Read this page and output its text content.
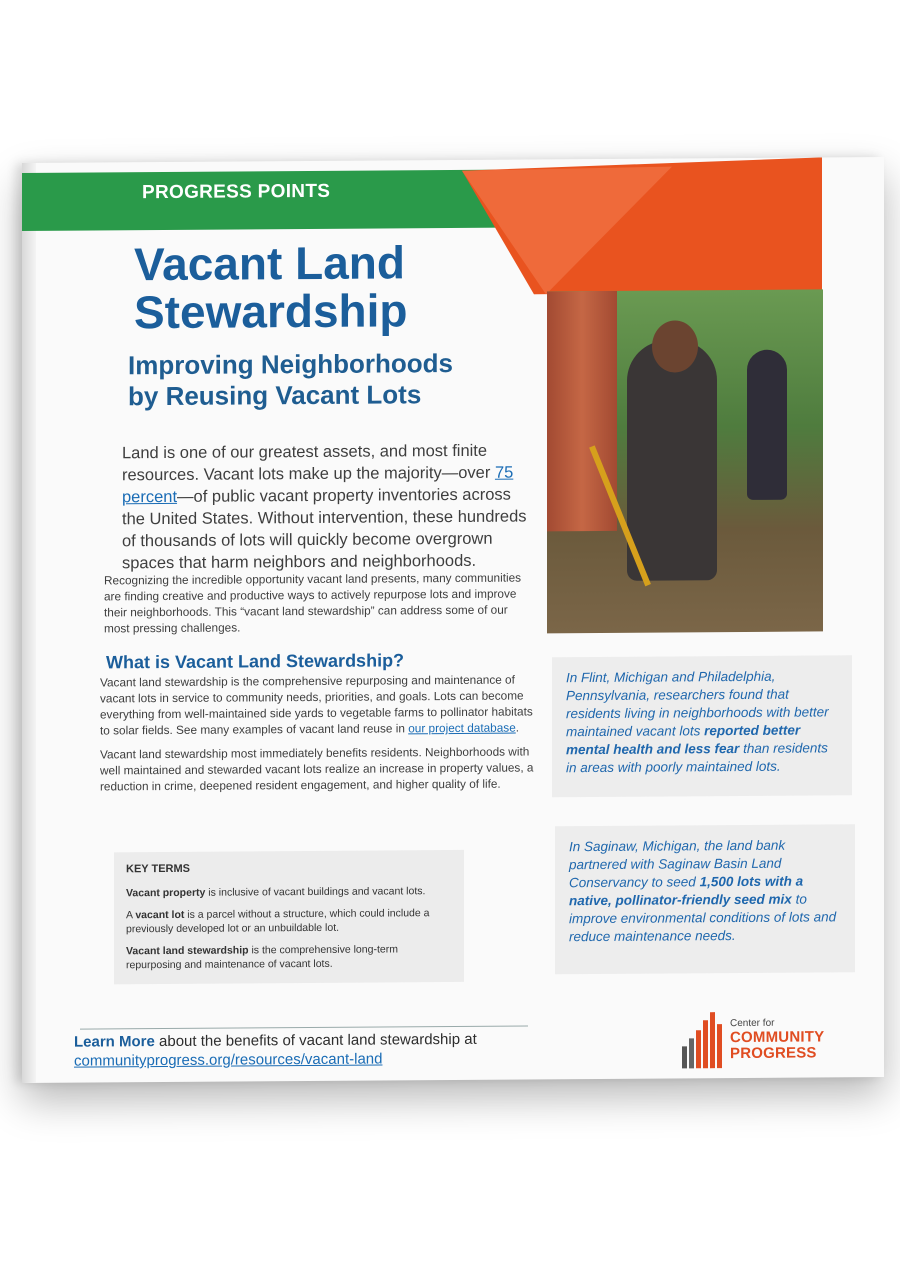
PROGRESS POINTS
Vacant Land
Stewardship
Improving Neighborhoods
by Reusing Vacant Lots
Land is one of our greatest assets, and most finite resources. Vacant lots make up the majority—over 75 percent—of public vacant property inventories across the United States. Without intervention, these hundreds of thousands of lots will quickly become overgrown spaces that harm neighbors and neighborhoods.
Recognizing the incredible opportunity vacant land presents, many communities are finding creative and productive ways to actively repurpose lots and improve their neighborhoods. This “vacant land stewardship” can address some of our most pressing challenges.
What is Vacant Land Stewardship?

Vacant land stewardship is the comprehensive repurposing and maintenance of vacant lots in service to community needs, priorities, and goals. Lots can become everything from well-maintained side yards to vegetable farms to pollinator habitats to solar fields. See many examples of vacant land reuse in our project database.

Vacant land stewardship most immediately benefits residents. Neighborhoods with well maintained and stewarded vacant lots realize an increase in property values, a reduction in crime, deepened resident engagement, and higher quality of life.

KEY TERMS

Vacant property is inclusive of vacant buildings and vacant lots.

A vacant lot is a parcel without a structure, which could include a previously developed lot or an unbuildable lot.

Vacant land stewardship is the comprehensive long-term repurposing and maintenance of vacant lots.

In Flint, Michigan and Philadelphia, Pennsylvania, researchers found that residents living in neighborhoods with better maintained vacant lots reported better mental health and less fear than residents in areas with poorly maintained lots.
In Saginaw, Michigan, the land bank partnered with Saginaw Basin Land Conservancy to seed 1,500 lots with a native, pollinator-friendly seed mix to improve environmental conditions of lots and reduce maintenance needs.
Learn More about the benefits of vacant land stewardship at communityprogress.org/resources/vacant-land
Center for
COMMUNITY
PROGRESS
